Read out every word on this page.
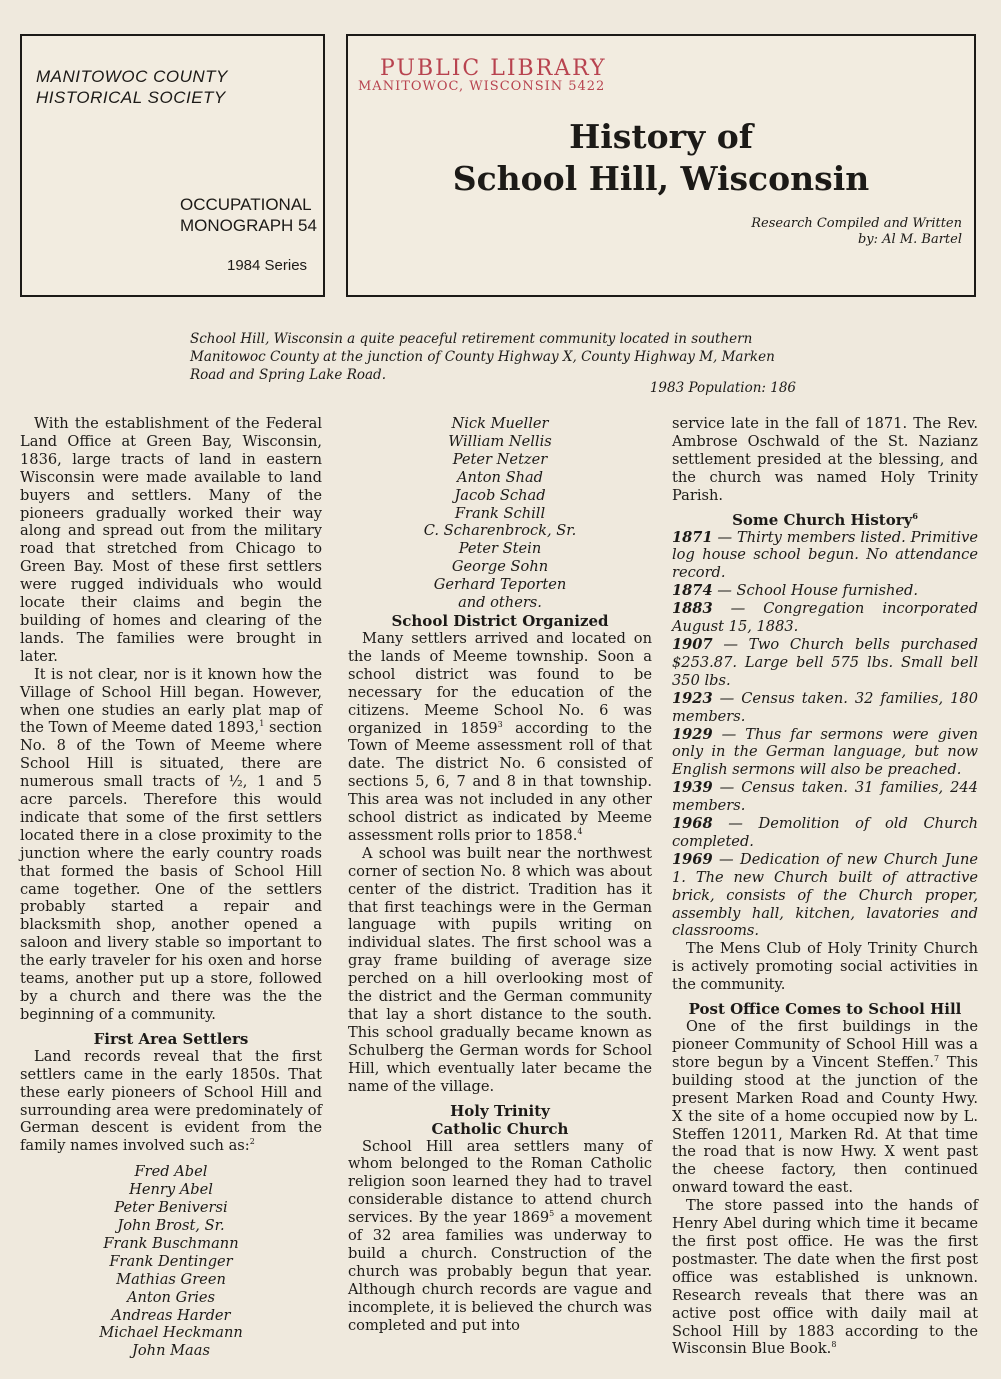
MANITOWOC COUNTY
HISTORICAL SOCIETY
OCCUPATIONAL
MONOGRAPH 54
1984 Series
PUBLIC LIBRARY
MANITOWOC, WISCONSIN 5422
History of
School Hill, Wisconsin
Research Compiled and Written
by: Al M. Bartel
School Hill, Wisconsin a quite peaceful retirement community located in southern Manitowoc County at the junction of County Highway X, County Highway M, Marken Road and Spring Lake Road.
1983 Population: 186

With the establishment of the Federal Land Office at Green Bay, Wisconsin, 1836, large tracts of land in eastern Wisconsin were made available to land buyers and settlers. Many of the pioneers gradually worked their way along and spread out from the military road that stretched from Chicago to Green Bay. Most of these first settlers were rugged individuals who would locate their claims and begin the building of homes and clearing of the lands. The families were brought in later.

It is not clear, nor is it known how the Village of School Hill began. However, when one studies an early plat map of the Town of Meeme dated 1893,$^1$ section No. 8 of the Town of Meeme where School Hill is situated, there are numerous small tracts of ½, 1 and 5 acre parcels. Therefore this would indicate that some of the first settlers located there in a close proximity to the junction where the early country roads that formed the basis of School Hill came together. One of the settlers probably started a repair and blacksmith shop, another opened a saloon and livery stable so important to the early traveler for his oxen and horse teams, another put up a store, followed by a church and there was the the beginning of a community.

First Area Settlers

Land records reveal that the first settlers came in the early 1850s. That these early pioneers of School Hill and surrounding area were predominately of German descent is evident from the family names involved such as:$^2$

Fred Abel
Henry Abel
Peter Beniversi
John Brost, Sr.
Frank Buschmann
Frank Dentinger
Mathias Green
Anton Gries
Andreas Harder
Michael Heckmann
John Maas
Nick Mueller
William Nellis
Peter Netzer
Anton Shad
Jacob Schad
Frank Schill
C. Scharenbrock, Sr.
Peter Stein
George Sohn
Gerhard Teporten
and others.
School District Organized

Many settlers arrived and located on the lands of Meeme township. Soon a school district was found to be necessary for the education of the citizens. Meeme School No. 6 was organized in 1859$^3$ according to the Town of Meeme assessment roll of that date. The district No. 6 consisted of sections 5, 6, 7 and 8 in that township. This area was not included in any other school district as indicated by Meeme assessment rolls prior to 1858.$^4$

A school was built near the northwest corner of section No. 8 which was about center of the district. Tradition has it that first teachings were in the German language with pupils writing on individual slates. The first school was a gray frame building of average size perched on a hill overlooking most of the district and the German community that lay a short distance to the south. This school gradually became known as Schulberg the German words for School Hill, which eventually later became the name of the village.

Holy Trinity
Catholic Church

School Hill area settlers many of whom belonged to the Roman Catholic religion soon learned they had to travel considerable distance to attend church services. By the year 1869$^5$ a movement of 32 area families was underway to build a church. Construction of the church was probably begun that year. Although church records are vague and incomplete, it is believed the church was completed and put into

service late in the fall of 1871. The Rev. Ambrose Oschwald of the St. Nazianz settlement presided at the blessing, and the church was named Holy Trinity Parish.

Some Church History$^6$
1871 — Thirty members listed. Primitive log house school begun. No attendance record.
1874 — School House furnished.
1883 — Congregation incorporated August 15, 1883.
1907 — Two Church bells purchased $253.87. Large bell 575 lbs. Small bell 350 lbs.
1923 — Census taken. 32 families, 180 members.
1929 — Thus far sermons were given only in the German language, but now English sermons will also be preached.
1939 — Census taken. 31 families, 244 members.
1968 — Demolition of old Church completed.
1969 — Dedication of new Church June 1. The new Church built of attractive brick, consists of the Church proper, assembly hall, kitchen, lavatories and classrooms.

The Mens Club of Holy Trinity Church is actively promoting social activities in the community.

Post Office Comes to School Hill

One of the first buildings in the pioneer Community of School Hill was a store begun by a Vincent Steffen.$^7$ This building stood at the junction of the present Marken Road and County Hwy. X the site of a home occupied now by L. Steffen 12011, Marken Rd. At that time the road that is now Hwy. X went past the cheese factory, then continued onward toward the east.

The store passed into the hands of Henry Abel during which time it became the first post office. He was the first postmaster. The date when the first post office was established is unknown. Research reveals that there was an active post office with daily mail at School Hill by 1883 according to the Wisconsin Blue Book.$^8$
